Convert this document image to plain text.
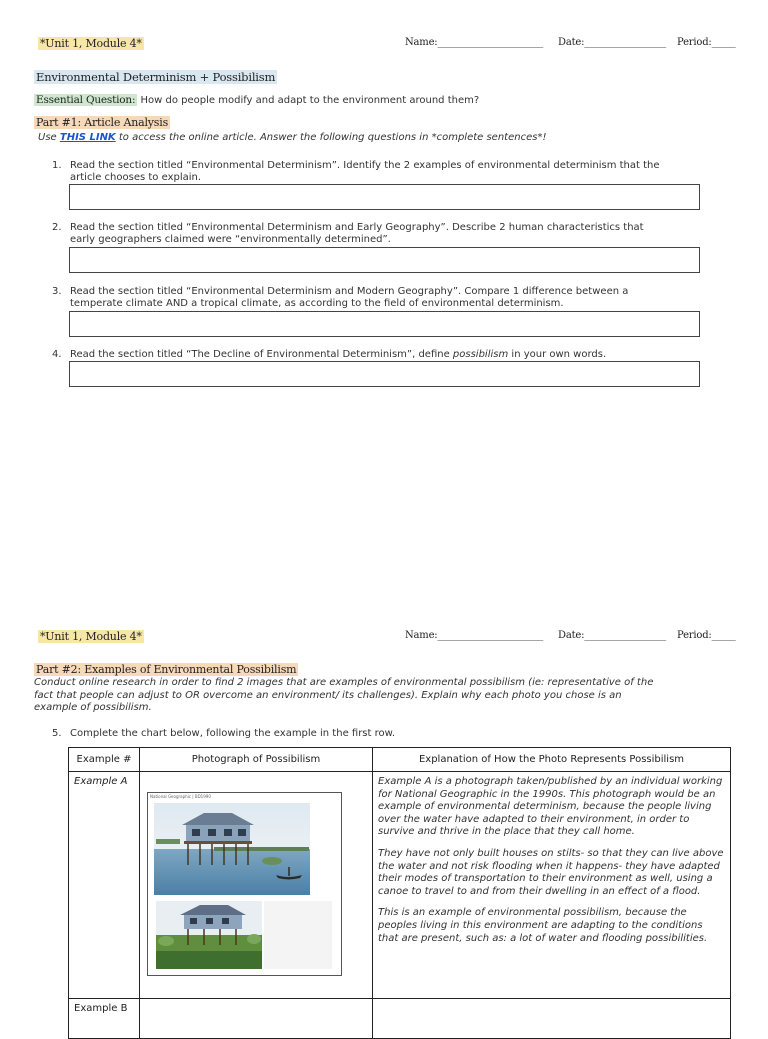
*Unit 1, Module 4*	Name:______________________ Date:_________________ Period:_____
Environmental Determinism + Possibilism
Essential Question: How do people modify and adapt to the environment around them?
Part #1: Article Analysis
Use THIS LINK to access the online article. Answer the following questions in *complete sentences*!
1. Read the section titled “Environmental Determinism”. Identify the 2 examples of environmental determinism that the
article chooses to explain.
2. Read the section titled “Environmental Determinism and Early Geography”. Describe 2 human characteristics that
early geographers claimed were “environmentally determined”.
3. Read the section titled “Environmental Determinism and Modern Geography”. Compare 1 difference between a
temperate climate AND a tropical climate, as according to the field of environmental determinism.
4. Read the section titled “The Decline of Environmental Determinism”, define possibilism in your own words.
*Unit 1, Module 4*	Name:______________________ Date:_________________ Period:_____
Part #2: Examples of Environmental Possibilism
Conduct online research in order to find 2 images that are examples of environmental possibilism (ie: representative of the
fact that people can adjust to OR overcome an environment/ its challenges). Explain why each photo you chose is an
example of possibilism.
5. Complete the chart below, following the example in the first row.
Example #	Photograph of Possibilism	Explanation of How the Photo Represents Possibilism
Example A	National Geographic | BD1990	Example A is a photograph taken/published by an individual working for National Geographic in the 1990s. This photograph would be an example of environmental determinism, because the people living over the water have adapted to their environment, in order to survive and thrive in the place that they call home.
They have not only built houses on stilts- so that they can live above the water and not risk flooding when it happens- they have adapted their modes of transportation to their environment as well, using a canoe to travel to and from their dwelling in an effect of a flood.
This is an example of environmental possibilism, because the peoples living in this environment are adapting to the conditions that are present, such as: a lot of water and flooding possibilities.

Example B		
